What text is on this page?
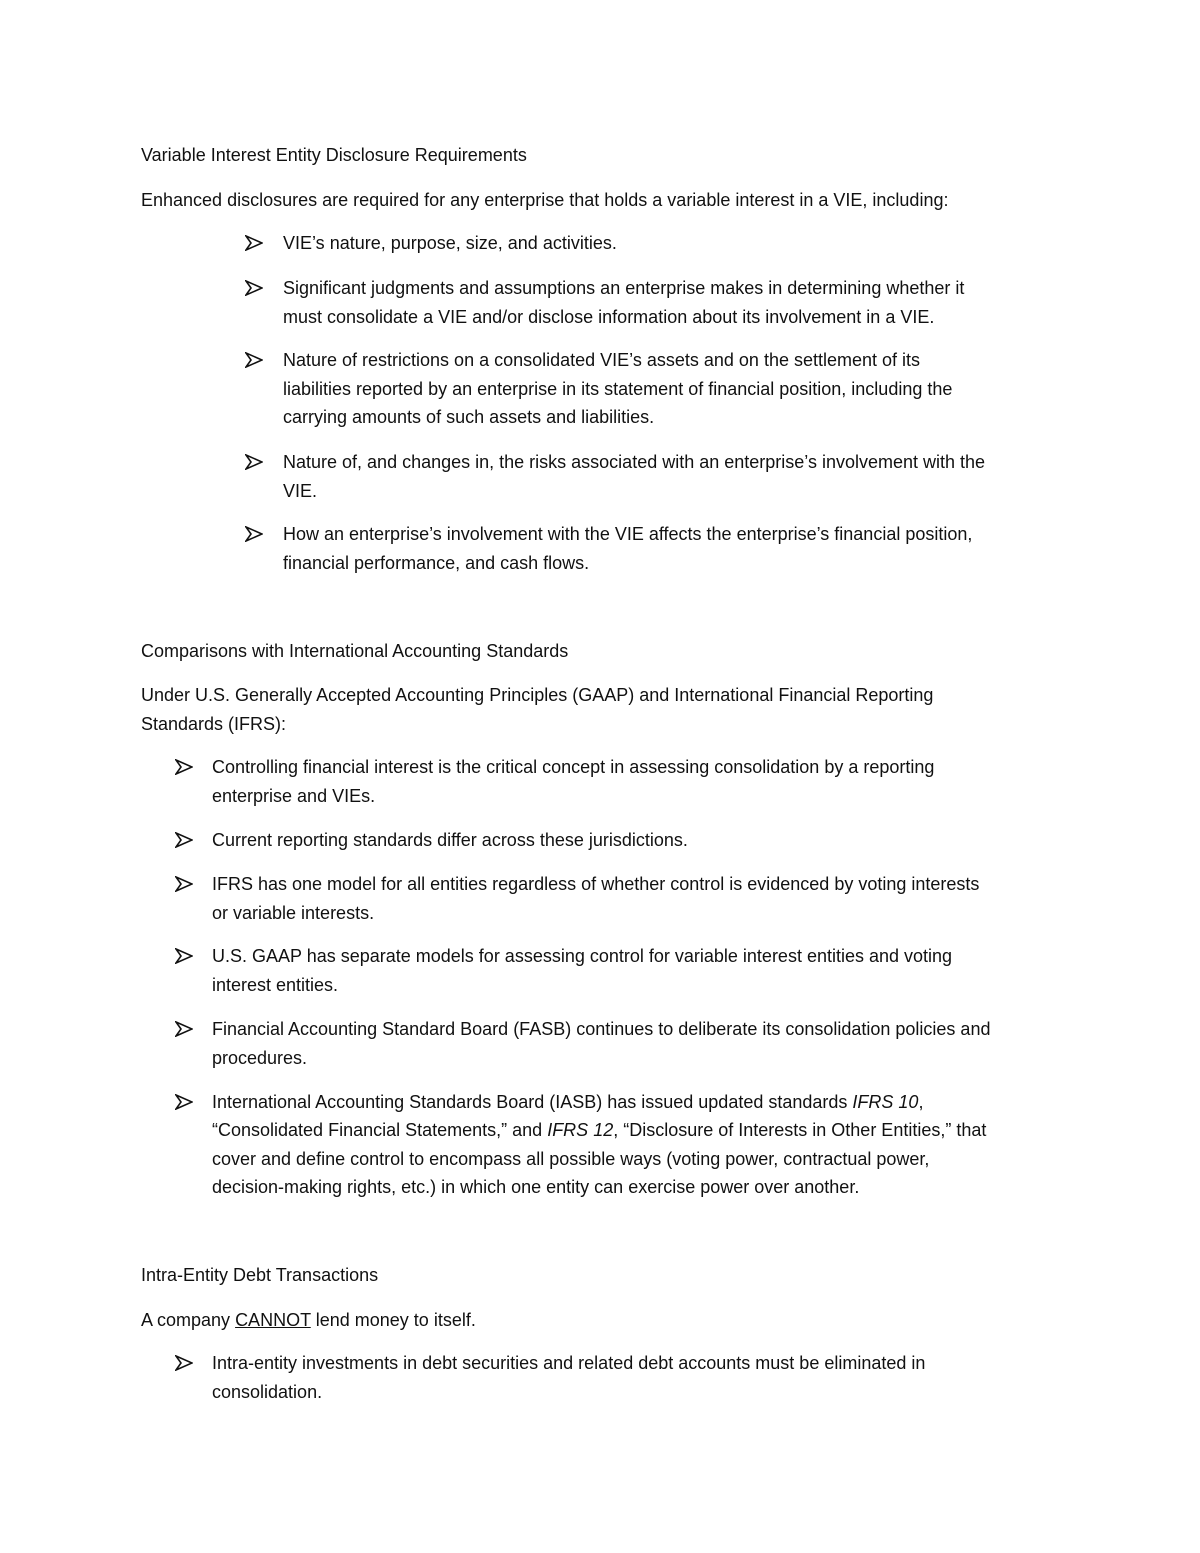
Variable Interest Entity Disclosure Requirements
Enhanced disclosures are required for any enterprise that holds a variable interest in a VIE, including:
VIE’s nature, purpose, size, and activities.
Significant judgments and assumptions an enterprise makes in determining whether it
must consolidate a VIE and/or disclose information about its involvement in a VIE.
Nature of restrictions on a consolidated VIE’s assets and on the settlement of its
liabilities reported by an enterprise in its statement of financial position, including the
carrying amounts of such assets and liabilities.
Nature of, and changes in, the risks associated with an enterprise’s involvement with the
VIE.
How an enterprise’s involvement with the VIE affects the enterprise’s financial position,
financial performance, and cash flows.
Comparisons with International Accounting Standards
Under U.S. Generally Accepted Accounting Principles (GAAP) and International Financial Reporting
Standards (IFRS):
Controlling financial interest is the critical concept in assessing consolidation by a reporting
enterprise and VIEs.
Current reporting standards differ across these jurisdictions.
IFRS has one model for all entities regardless of whether control is evidenced by voting interests
or variable interests.
U.S. GAAP has separate models for assessing control for variable interest entities and voting
interest entities.
Financial Accounting Standard Board (FASB) continues to deliberate its consolidation policies and
procedures.
International Accounting Standards Board (IASB) has issued updated standards IFRS 10,
“Consolidated Financial Statements,” and IFRS 12, “Disclosure of Interests in Other Entities,” that
cover and define control to encompass all possible ways (voting power, contractual power,
decision-making rights, etc.) in which one entity can exercise power over another.
Intra-Entity Debt Transactions
A company CANNOT lend money to itself.
Intra-entity investments in debt securities and related debt accounts must be eliminated in
consolidation.
